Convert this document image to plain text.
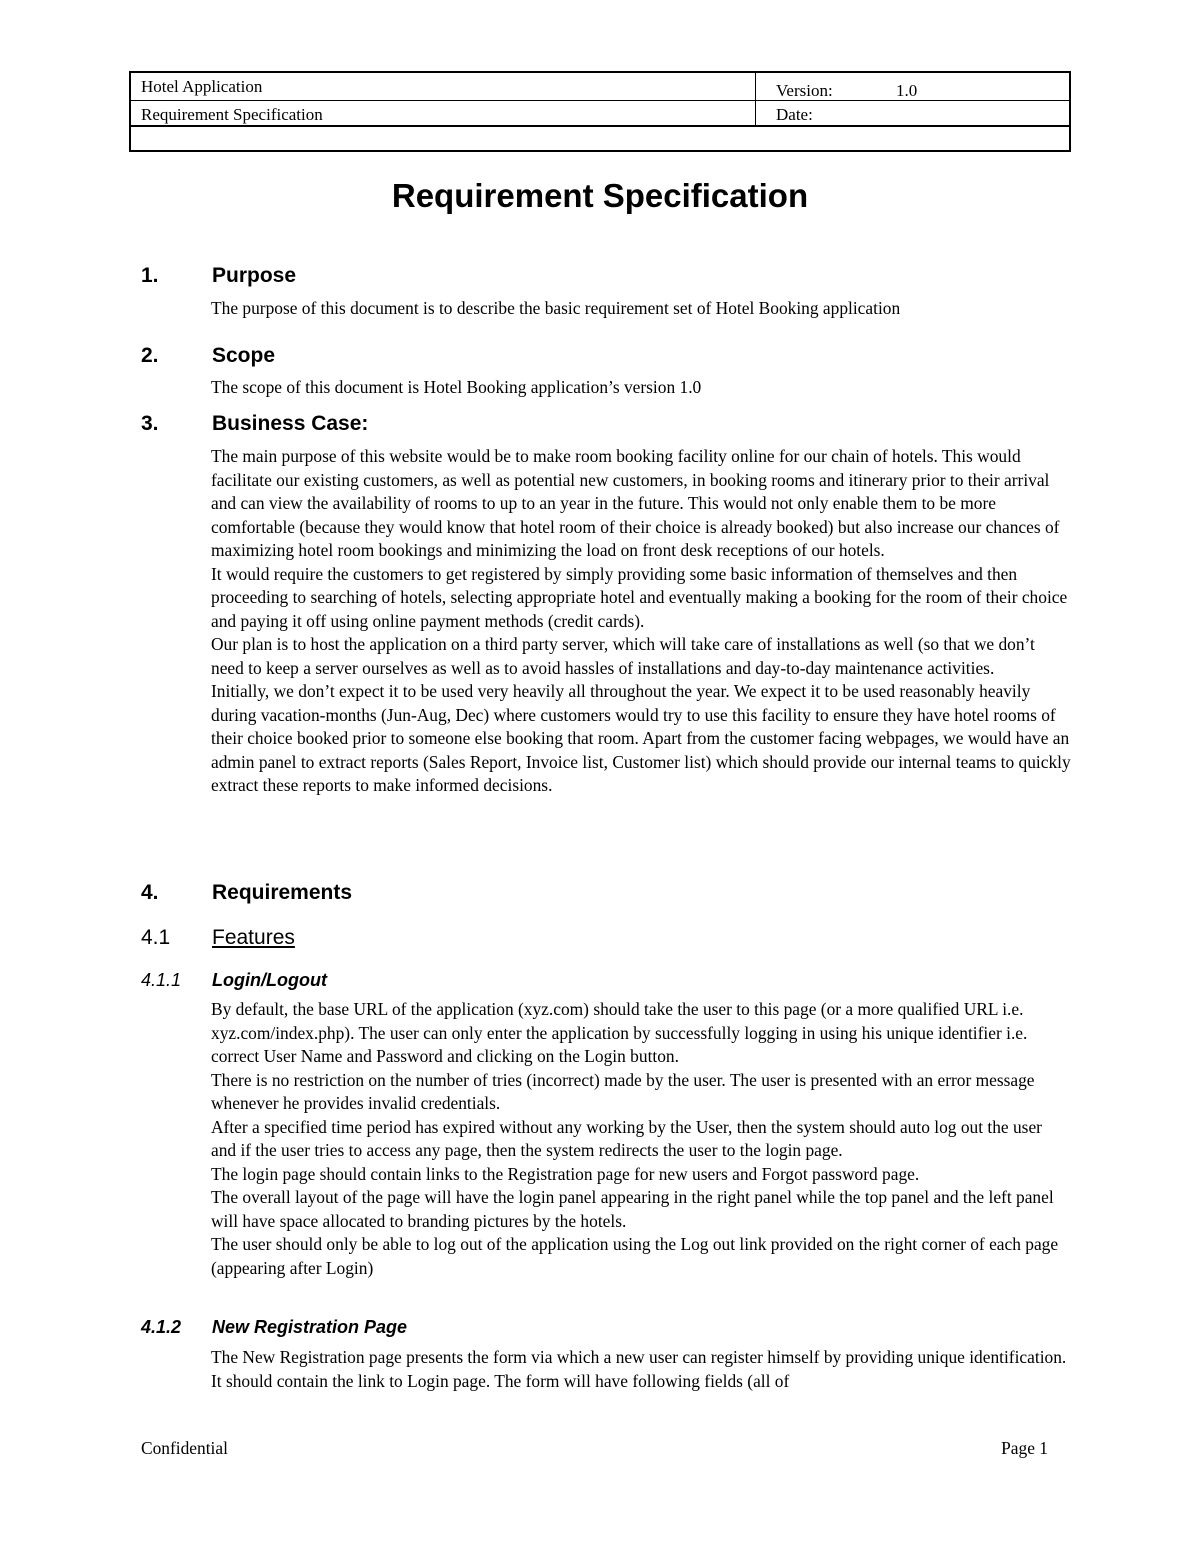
Hotel Application	Version:	1.0
Requirement Specification	Date:
Requirement Specification
1.	Purpose

The purpose of this document is to describe the basic requirement set of Hotel Booking application

2.	Scope

The scope of this document is Hotel Booking application’s version 1.0

3.	Business Case:

The main purpose of this website would be to make room booking facility online for our chain of hotels. This would facilitate our existing customers, as well as potential new customers, in booking rooms and itinerary prior to their arrival and can view the availability of rooms to up to an year in the future. This would not only enable them to be more comfortable (because they would know that hotel room of their choice is already booked) but also increase our chances of maximizing hotel room bookings and minimizing the load on front desk receptions of our hotels.

It would require the customers to get registered by simply providing some basic information of themselves and then proceeding to searching of hotels, selecting appropriate hotel and eventually making a booking for the room of their choice and paying it off using online payment methods (credit cards).

Our plan is to host the application on a third party server, which will take care of installations as well (so that we don’t need to keep a server ourselves as well as to avoid hassles of installations and day-to-day maintenance activities.

Initially, we don’t expect it to be used very heavily all throughout the year. We expect it to be used reasonably heavily during vacation-months (Jun-Aug, Dec) where customers would try to use this facility to ensure they have hotel rooms of their choice booked prior to someone else booking that room. Apart from the customer facing webpages, we would have an admin panel to extract reports (Sales Report, Invoice list, Customer list) which should provide our internal teams to quickly extract these reports to make informed decisions.

4.	Requirements
4.1 Features
4.1.1 Login/Logout

By default, the base URL of the application (xyz.com) should take the user to this page (or a more qualified URL i.e. xyz.com/index.php). The user can only enter the application by successfully logging in using his unique identifier i.e. correct User Name and Password and clicking on the Login button.

There is no restriction on the number of tries (incorrect) made by the user. The user is presented with an error message whenever he provides invalid credentials.

After a specified time period has expired without any working by the User, then the system should auto log out the user and if the user tries to access any page, then the system redirects the user to the login page.

The login page should contain links to the Registration page for new users and Forgot password page.

The overall layout of the page will have the login panel appearing in the right panel while the top panel and the left panel will have space allocated to branding pictures by the hotels.

The user should only be able to log out of the application using the Log out link provided on the right corner of each page (appearing after Login)

4.1.2 New Registration Page

The New Registration page presents the form via which a new user can register himself by providing unique identification. It should contain the link to Login page. The form will have following fields (all of

Confidential	Page 1
